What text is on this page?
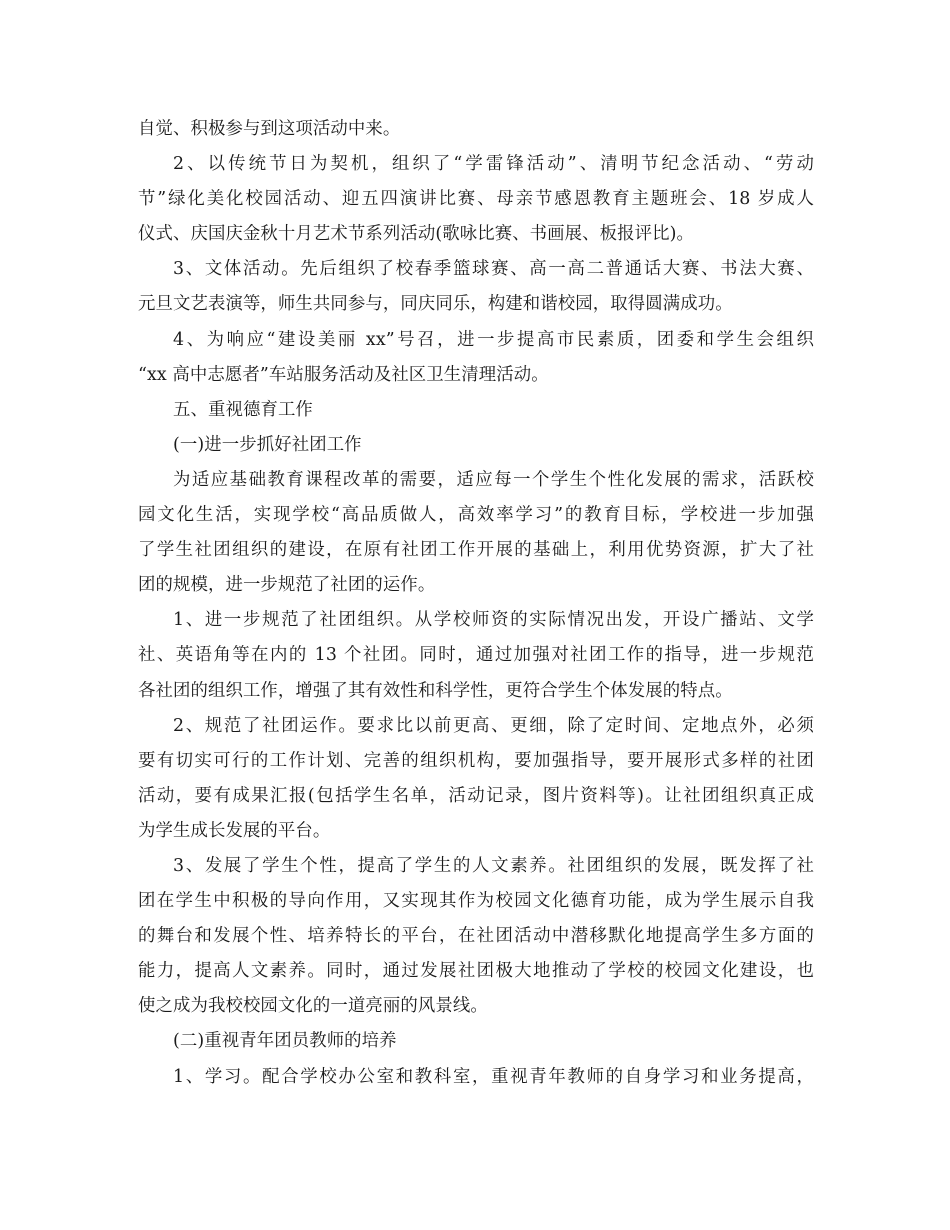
自觉、积极参与到这项活动中来。
2、以传统节日为契机，组织了“学雷锋活动”、清明节纪念活动、“劳动
节”绿化美化校园活动、迎五四演讲比赛、母亲节感恩教育主题班会、18 岁成人
仪式、庆国庆金秋十月艺术节系列活动(歌咏比赛、书画展、板报评比)。
3、文体活动。先后组织了校春季篮球赛、高一高二普通话大赛、书法大赛、
元旦文艺表演等，师生共同参与，同庆同乐，构建和谐校园，取得圆满成功。
4、为响应“建设美丽 xx”号召，进一步提高市民素质，团委和学生会组织
“xx 高中志愿者”车站服务活动及社区卫生清理活动。
五、重视德育工作
(一)进一步抓好社团工作
为适应基础教育课程改革的需要，适应每一个学生个性化发展的需求，活跃校
园文化生活，实现学校“高品质做人，高效率学习”的教育目标，学校进一步加强
了学生社团组织的建设，在原有社团工作开展的基础上，利用优势资源，扩大了社
团的规模，进一步规范了社团的运作。
1、进一步规范了社团组织。从学校师资的实际情况出发，开设广播站、文学
社、英语角等在内的 13 个社团。同时，通过加强对社团工作的指导，进一步规范
各社团的组织工作，增强了其有效性和科学性，更符合学生个体发展的特点。
2、规范了社团运作。要求比以前更高、更细，除了定时间、定地点外，必须
要有切实可行的工作计划、完善的组织机构，要加强指导，要开展形式多样的社团
活动，要有成果汇报(包括学生名单，活动记录，图片资料等)。让社团组织真正成
为学生成长发展的平台。
3、发展了学生个性，提高了学生的人文素养。社团组织的发展，既发挥了社
团在学生中积极的导向作用，又实现其作为校园文化德育功能，成为学生展示自我
的舞台和发展个性、培养特长的平台，在社团活动中潜移默化地提高学生多方面的
能力，提高人文素养。同时，通过发展社团极大地推动了学校的校园文化建设，也
使之成为我校校园文化的一道亮丽的风景线。
(二)重视青年团员教师的培养
1、学习。配合学校办公室和教科室，重视青年教师的自身学习和业务提高，
